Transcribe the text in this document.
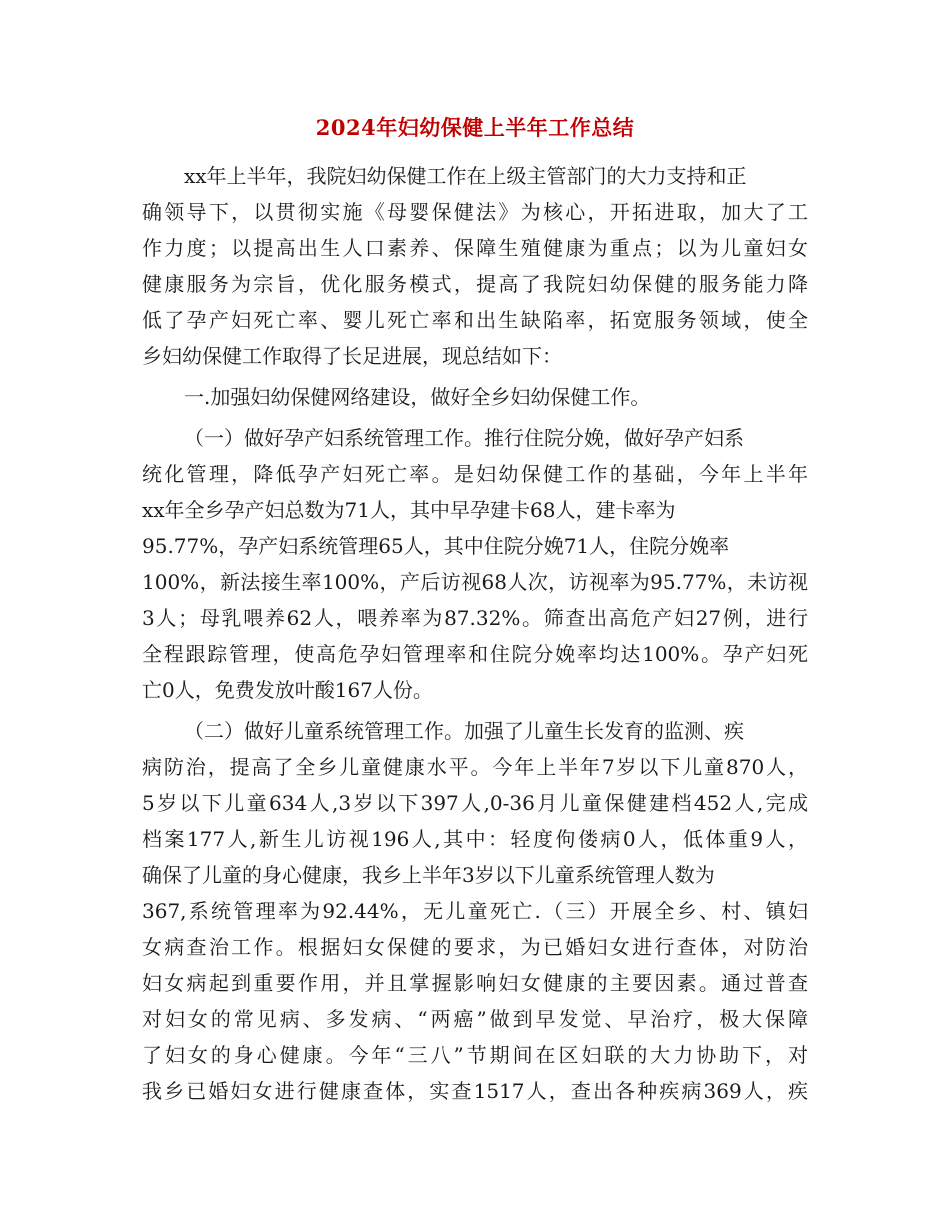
2024年妇幼保健上半年工作总结
xx年上半年，我院妇幼保健工作在上级主管部门的大力支持和正
确领导下，以贯彻实施《母婴保健法》为核心，开拓进取，加大了工
作力度；以提高出生人口素养、保障生殖健康为重点；以为儿童妇女
健康服务为宗旨，优化服务模式，提高了我院妇幼保健的服务能力降
低了孕产妇死亡率、婴儿死亡率和出生缺陷率，拓宽服务领域，使全
乡妇幼保健工作取得了长足进展，现总结如下：
一.加强妇幼保健网络建设，做好全乡妇幼保健工作。
（一）做好孕产妇系统管理工作。推行住院分娩，做好孕产妇系
统化管理，降低孕产妇死亡率。是妇幼保健工作的基础，今年上半年
xx年全乡孕产妇总数为71人，其中早孕建卡68人，建卡率为
95.77%，孕产妇系统管理65人，其中住院分娩71人，住院分娩率
100%，新法接生率100%，产后访视68人次，访视率为95.77%，未访视
3人；母乳喂养62人，喂养率为87.32%。筛查出高危产妇27例，进行
全程跟踪管理，使高危孕妇管理率和住院分娩率均达100%。孕产妇死
亡0人，免费发放叶酸167人份。
（二）做好儿童系统管理工作。加强了儿童生长发育的监测、疾
病防治，提高了全乡儿童健康水平。今年上半年7岁以下儿童870人，
5岁以下儿童634人,3岁以下397人,0-36月儿童保健建档452人,完成
档案177人,新生儿访视196人,其中：轻度佝偻病0人，低体重9人，
确保了儿童的身心健康，我乡上半年3岁以下儿童系统管理人数为
367,系统管理率为92.44%，无儿童死亡.（三）开展全乡、村、镇妇
女病查治工作。根据妇女保健的要求，为已婚妇女进行查体，对防治
妇女病起到重要作用，并且掌握影响妇女健康的主要因素。通过普查
对妇女的常见病、多发病、“两癌”做到早发觉、早治疗，极大保障
了妇女的身心健康。今年“三八”节期间在区妇联的大力协助下，对
我乡已婚妇女进行健康查体，实查1517人，查出各种疾病369人，疾
